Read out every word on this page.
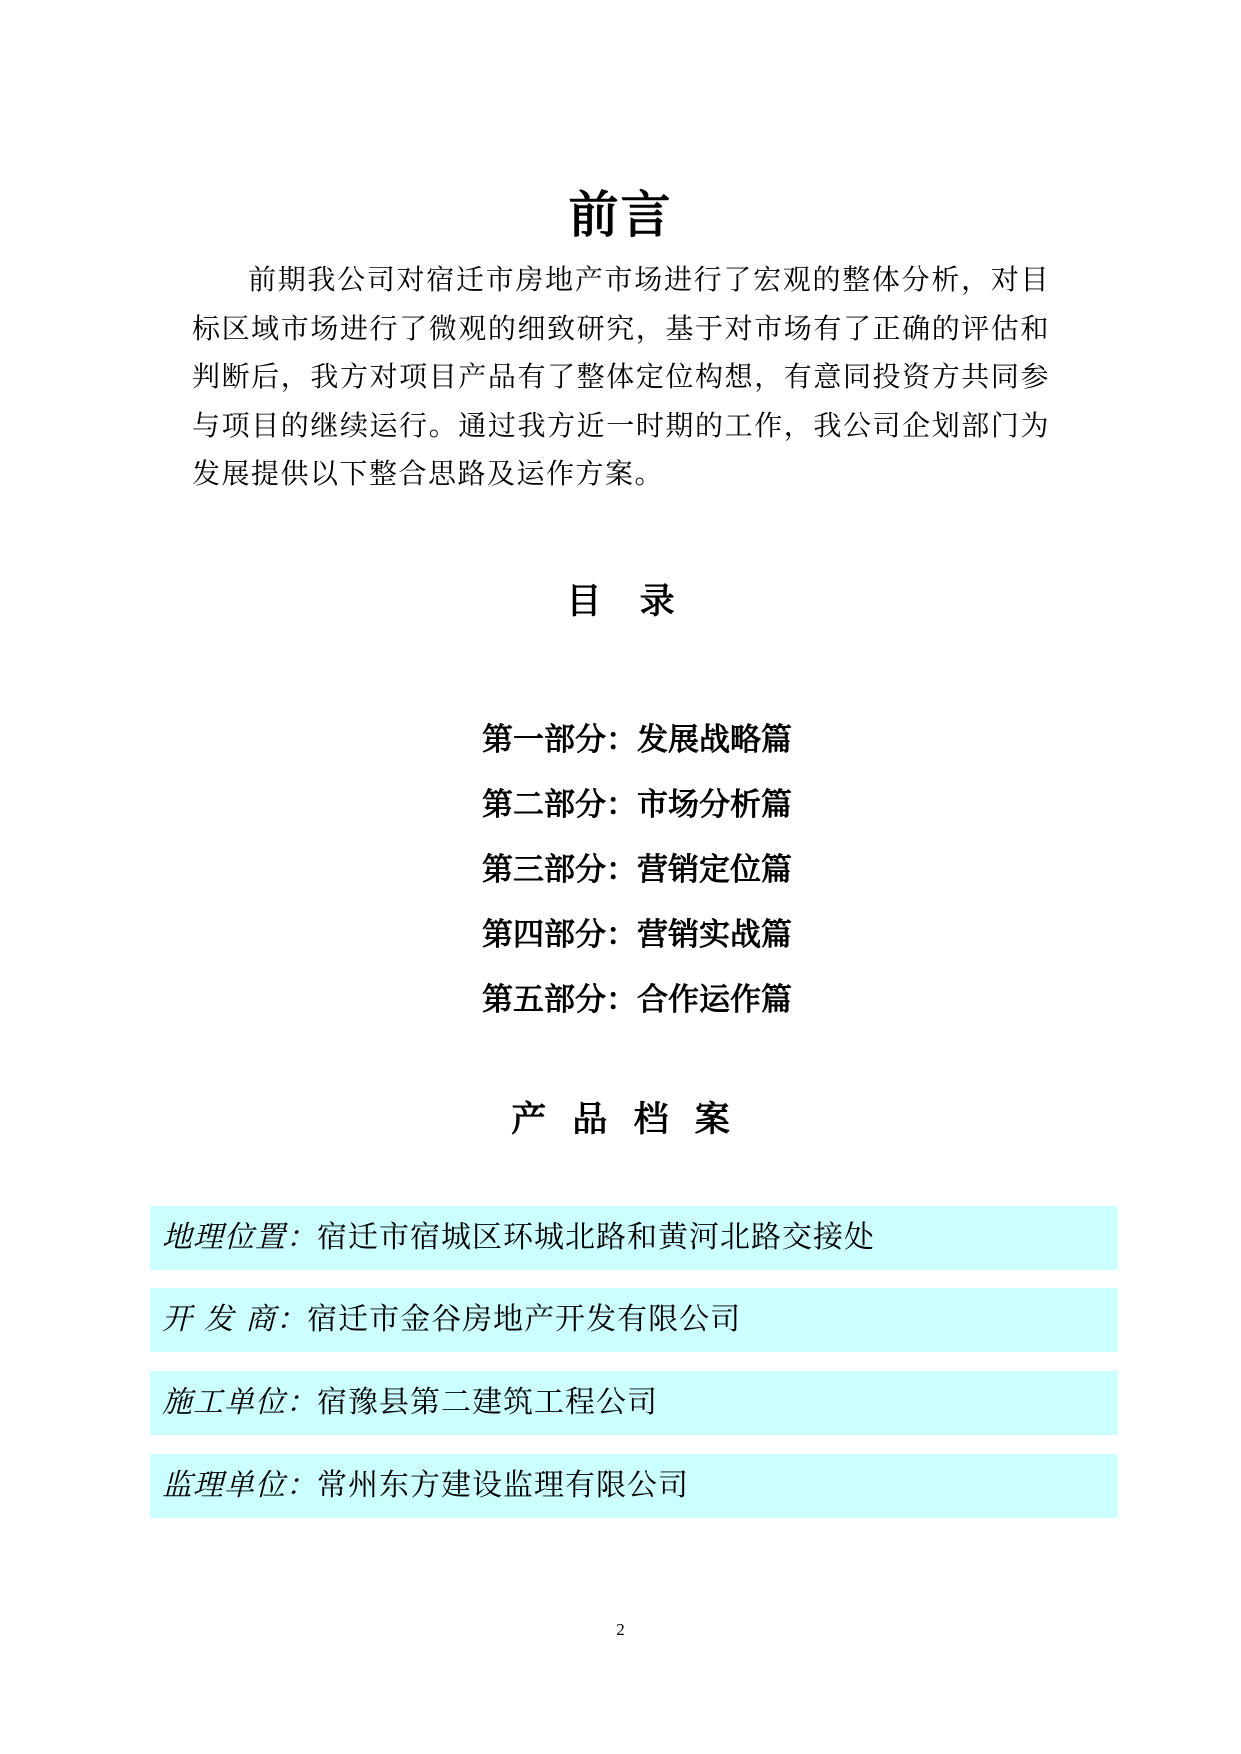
前言

前期我公司对宿迁市房地产市场进行了宏观的整体分析，对目标区域市场进行了微观的细致研究，基于对市场有了正确的评估和判断后，我方对项目产品有了整体定位构想，有意同投资方共同参与项目的继续运行。通过我方近一时期的工作，我公司企划部门为发展提供以下整合思路及运作方案。

目 录
第一部分：发展战略篇
第二部分：市场分析篇
第三部分：营销定位篇
第四部分：营销实战篇
第五部分：合作运作篇
产 品 档 案
地理位置：宿迁市宿城区环城北路和黄河北路交接处
开 发 商：宿迁市金谷房地产开发有限公司
施工单位：宿豫县第二建筑工程公司
监理单位：常州东方建设监理有限公司
2
